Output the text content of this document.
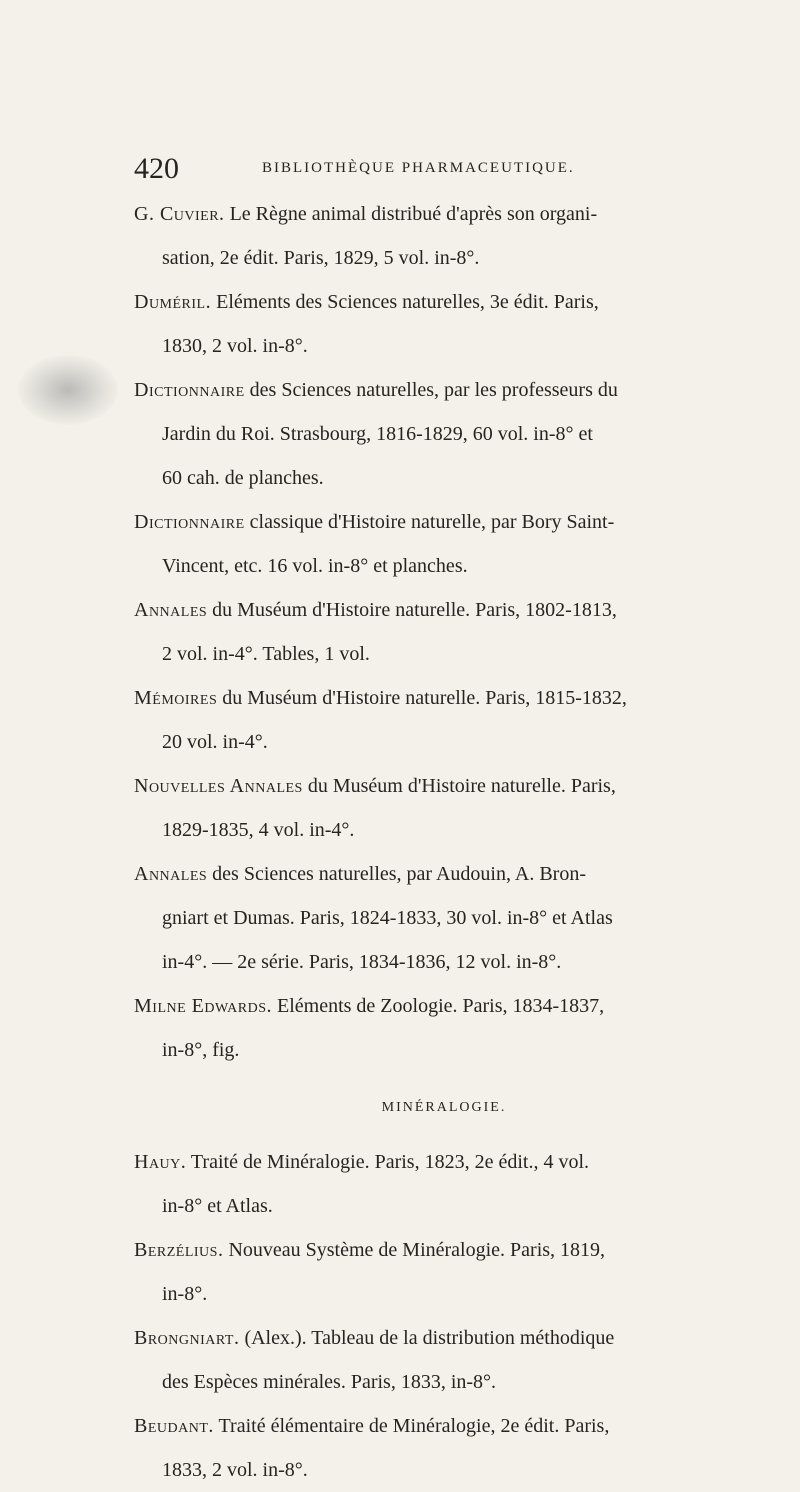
420	BIBLIOTHÈQUE PHARMACEUTIQUE.
G. Cuvier. Le Règne animal distribué d'après son organi-
sation, 2e édit. Paris, 1829, 5 vol. in-8°.
Duméril. Eléments des Sciences naturelles, 3e édit. Paris,
1830, 2 vol. in-8°.
Dictionnaire des Sciences naturelles, par les professeurs du
Jardin du Roi. Strasbourg, 1816-1829, 60 vol. in-8° et
60 cah. de planches.
Dictionnaire classique d'Histoire naturelle, par Bory Saint-
Vincent, etc. 16 vol. in-8° et planches.
Annales du Muséum d'Histoire naturelle. Paris, 1802-1813,
2 vol. in-4°. Tables, 1 vol.
Mémoires du Muséum d'Histoire naturelle. Paris, 1815-1832,
20 vol. in-4°.
Nouvelles Annales du Muséum d'Histoire naturelle. Paris,
1829-1835, 4 vol. in-4°.
Annales des Sciences naturelles, par Audouin, A. Bron-
gniart et Dumas. Paris, 1824-1833, 30 vol. in-8° et Atlas
in-4°. — 2e série. Paris, 1834-1836, 12 vol. in-8°.
Milne Edwards. Eléments de Zoologie. Paris, 1834-1837,
in-8°, fig.
MINÉRALOGIE.
Hauy. Traité de Minéralogie. Paris, 1823, 2e édit., 4 vol.
in-8° et Atlas.
Berzélius. Nouveau Système de Minéralogie. Paris, 1819,
in-8°.
Brongniart. (Alex.). Tableau de la distribution méthodique
des Espèces minérales. Paris, 1833, in-8°.
Beudant. Traité élémentaire de Minéralogie, 2e édit. Paris,
1833, 2 vol. in-8°.
